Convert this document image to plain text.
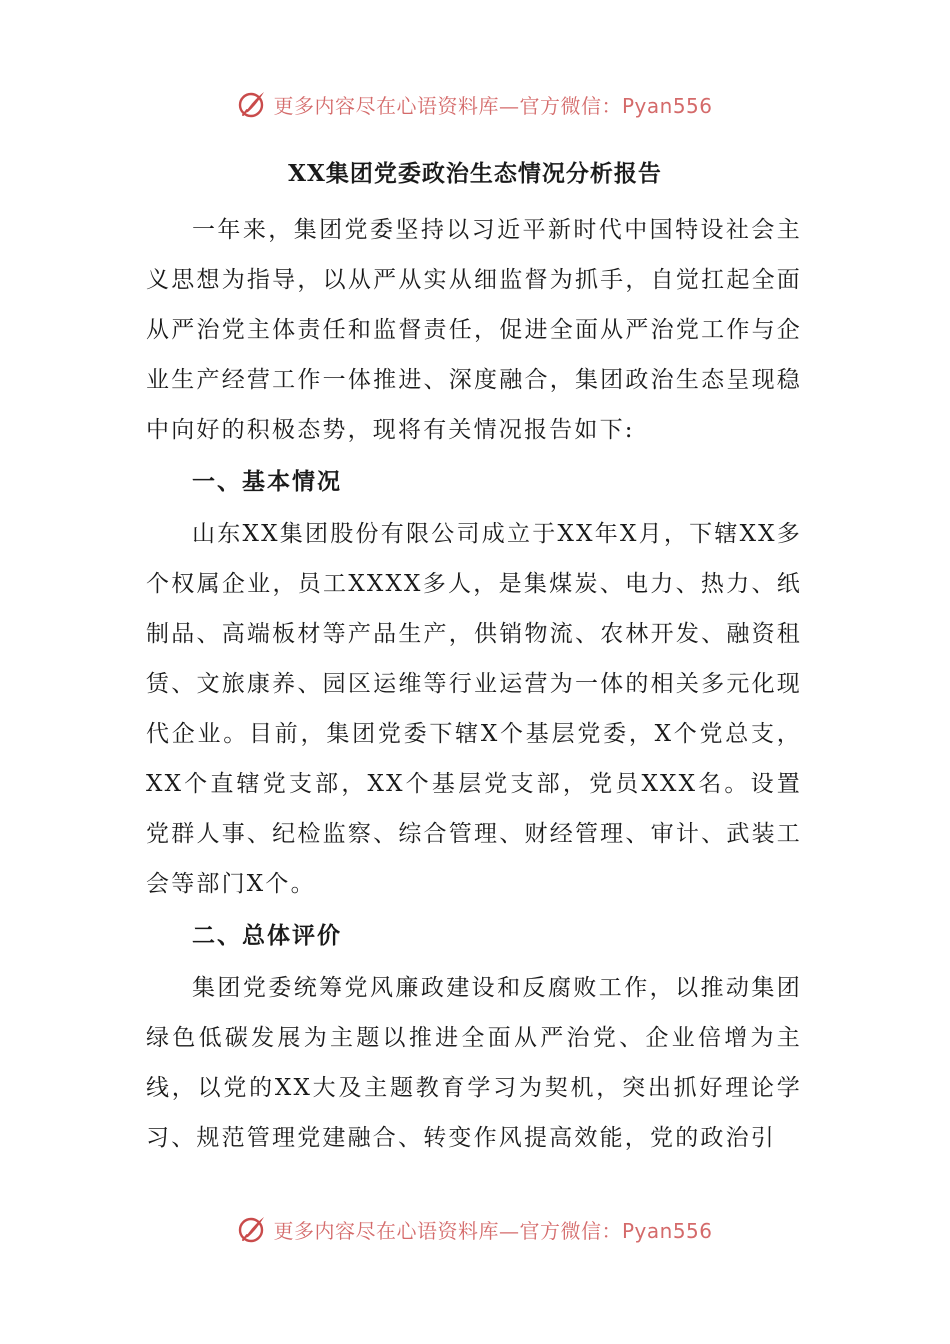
更多内容尽在心语资料库—官方微信：Pyan556
XX集团党委政治生态情况分析报告

一年来，集团党委坚持以习近平新时代中国特设社会主义思想为指导，以从严从实从细监督为抓手，自觉扛起全面从严治党主体责任和监督责任，促进全面从严治党工作与企业生产经营工作一体推进、深度融合，集团政治生态呈现稳中向好的积极态势，现将有关情况报告如下:

一、基本情况

山东XX集团股份有限公司成立于XX年X月，下辖XX多个权属企业，员工XXXX多人，是集煤炭、电力、热力、纸制品、高端板材等产品生产，供销物流、农林开发、融资租赁、文旅康养、园区运维等行业运营为一体的相关多元化现代企业。目前，集团党委下辖X个基层党委，X个党总支，XX个直辖党支部，XX个基层党支部，党员XXX名。设置党群人事、纪检监察、综合管理、财经管理、审计、武装工会等部门X个。

二、总体评价

集团党委统筹党风廉政建设和反腐败工作，以推动集团绿色低碳发展为主题以推进全面从严治党、企业倍增为主线，以党的XX大及主题教育学习为契机，突出抓好理论学习、规范管理党建融合、转变作风提高效能，党的政治引

更多内容尽在心语资料库—官方微信：Pyan556
